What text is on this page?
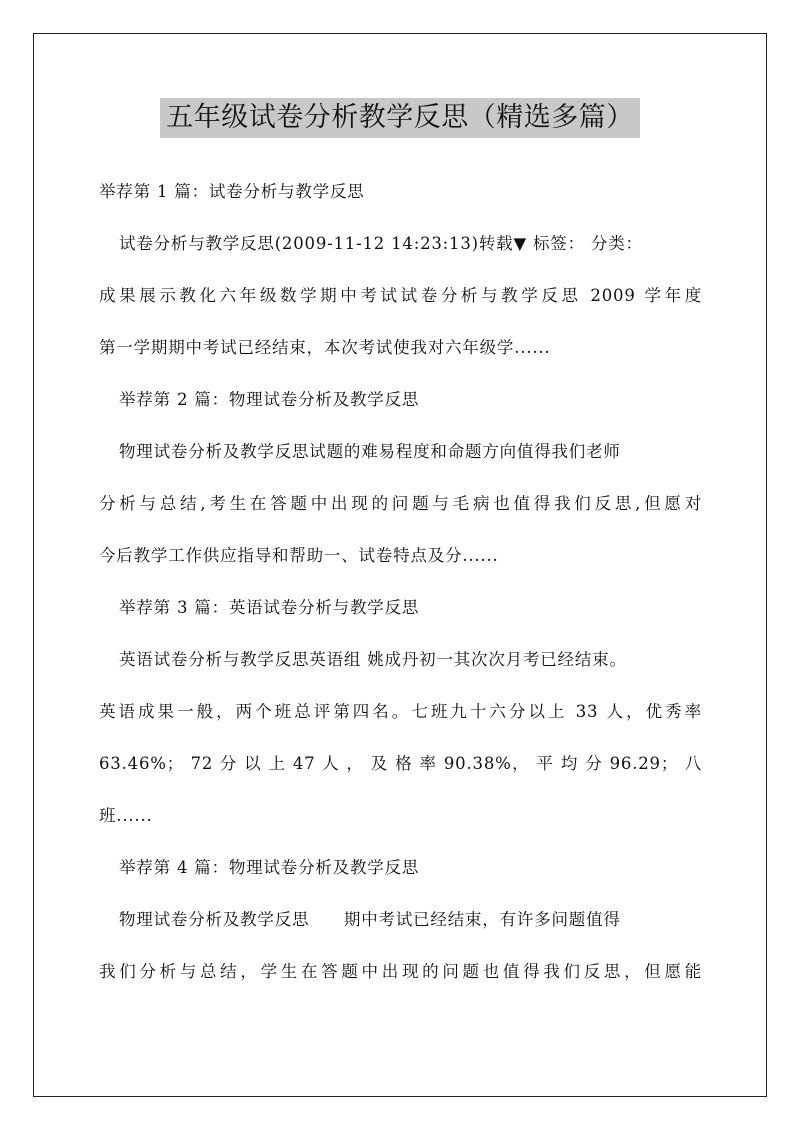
五年级试卷分析教学反思（精选多篇）
举荐第 1 篇：试卷分析与教学反思
试卷分析与教学反思(2009-11-12 14:23:13)转载▼ 标签： 分类：
成果展示教化六年级数学期中考试试卷分析与教学反思 2009 学年度
第一学期期中考试已经结束，本次考试使我对六年级学......
举荐第 2 篇：物理试卷分析及教学反思
物理试卷分析及教学反思试题的难易程度和命题方向值得我们老师
分析与总结,考生在答题中出现的问题与毛病也值得我们反思,但愿对
今后教学工作供应指导和帮助一、试卷特点及分......
举荐第 3 篇：英语试卷分析与教学反思
英语试卷分析与教学反思英语组 姚成丹初一其次次月考已经结束。
英语成果一般，两个班总评第四名。七班九十六分以上 33 人，优秀率
63.46%； 72 分 以 上 47 人 ， 及 格 率 90.38%， 平 均 分 96.29； 八
班......
举荐第 4 篇：物理试卷分析及教学反思
物理试卷分析及教学反思　　期中考试已经结束，有许多问题值得
我们分析与总结，学生在答题中出现的问题也值得我们反思，但愿能
